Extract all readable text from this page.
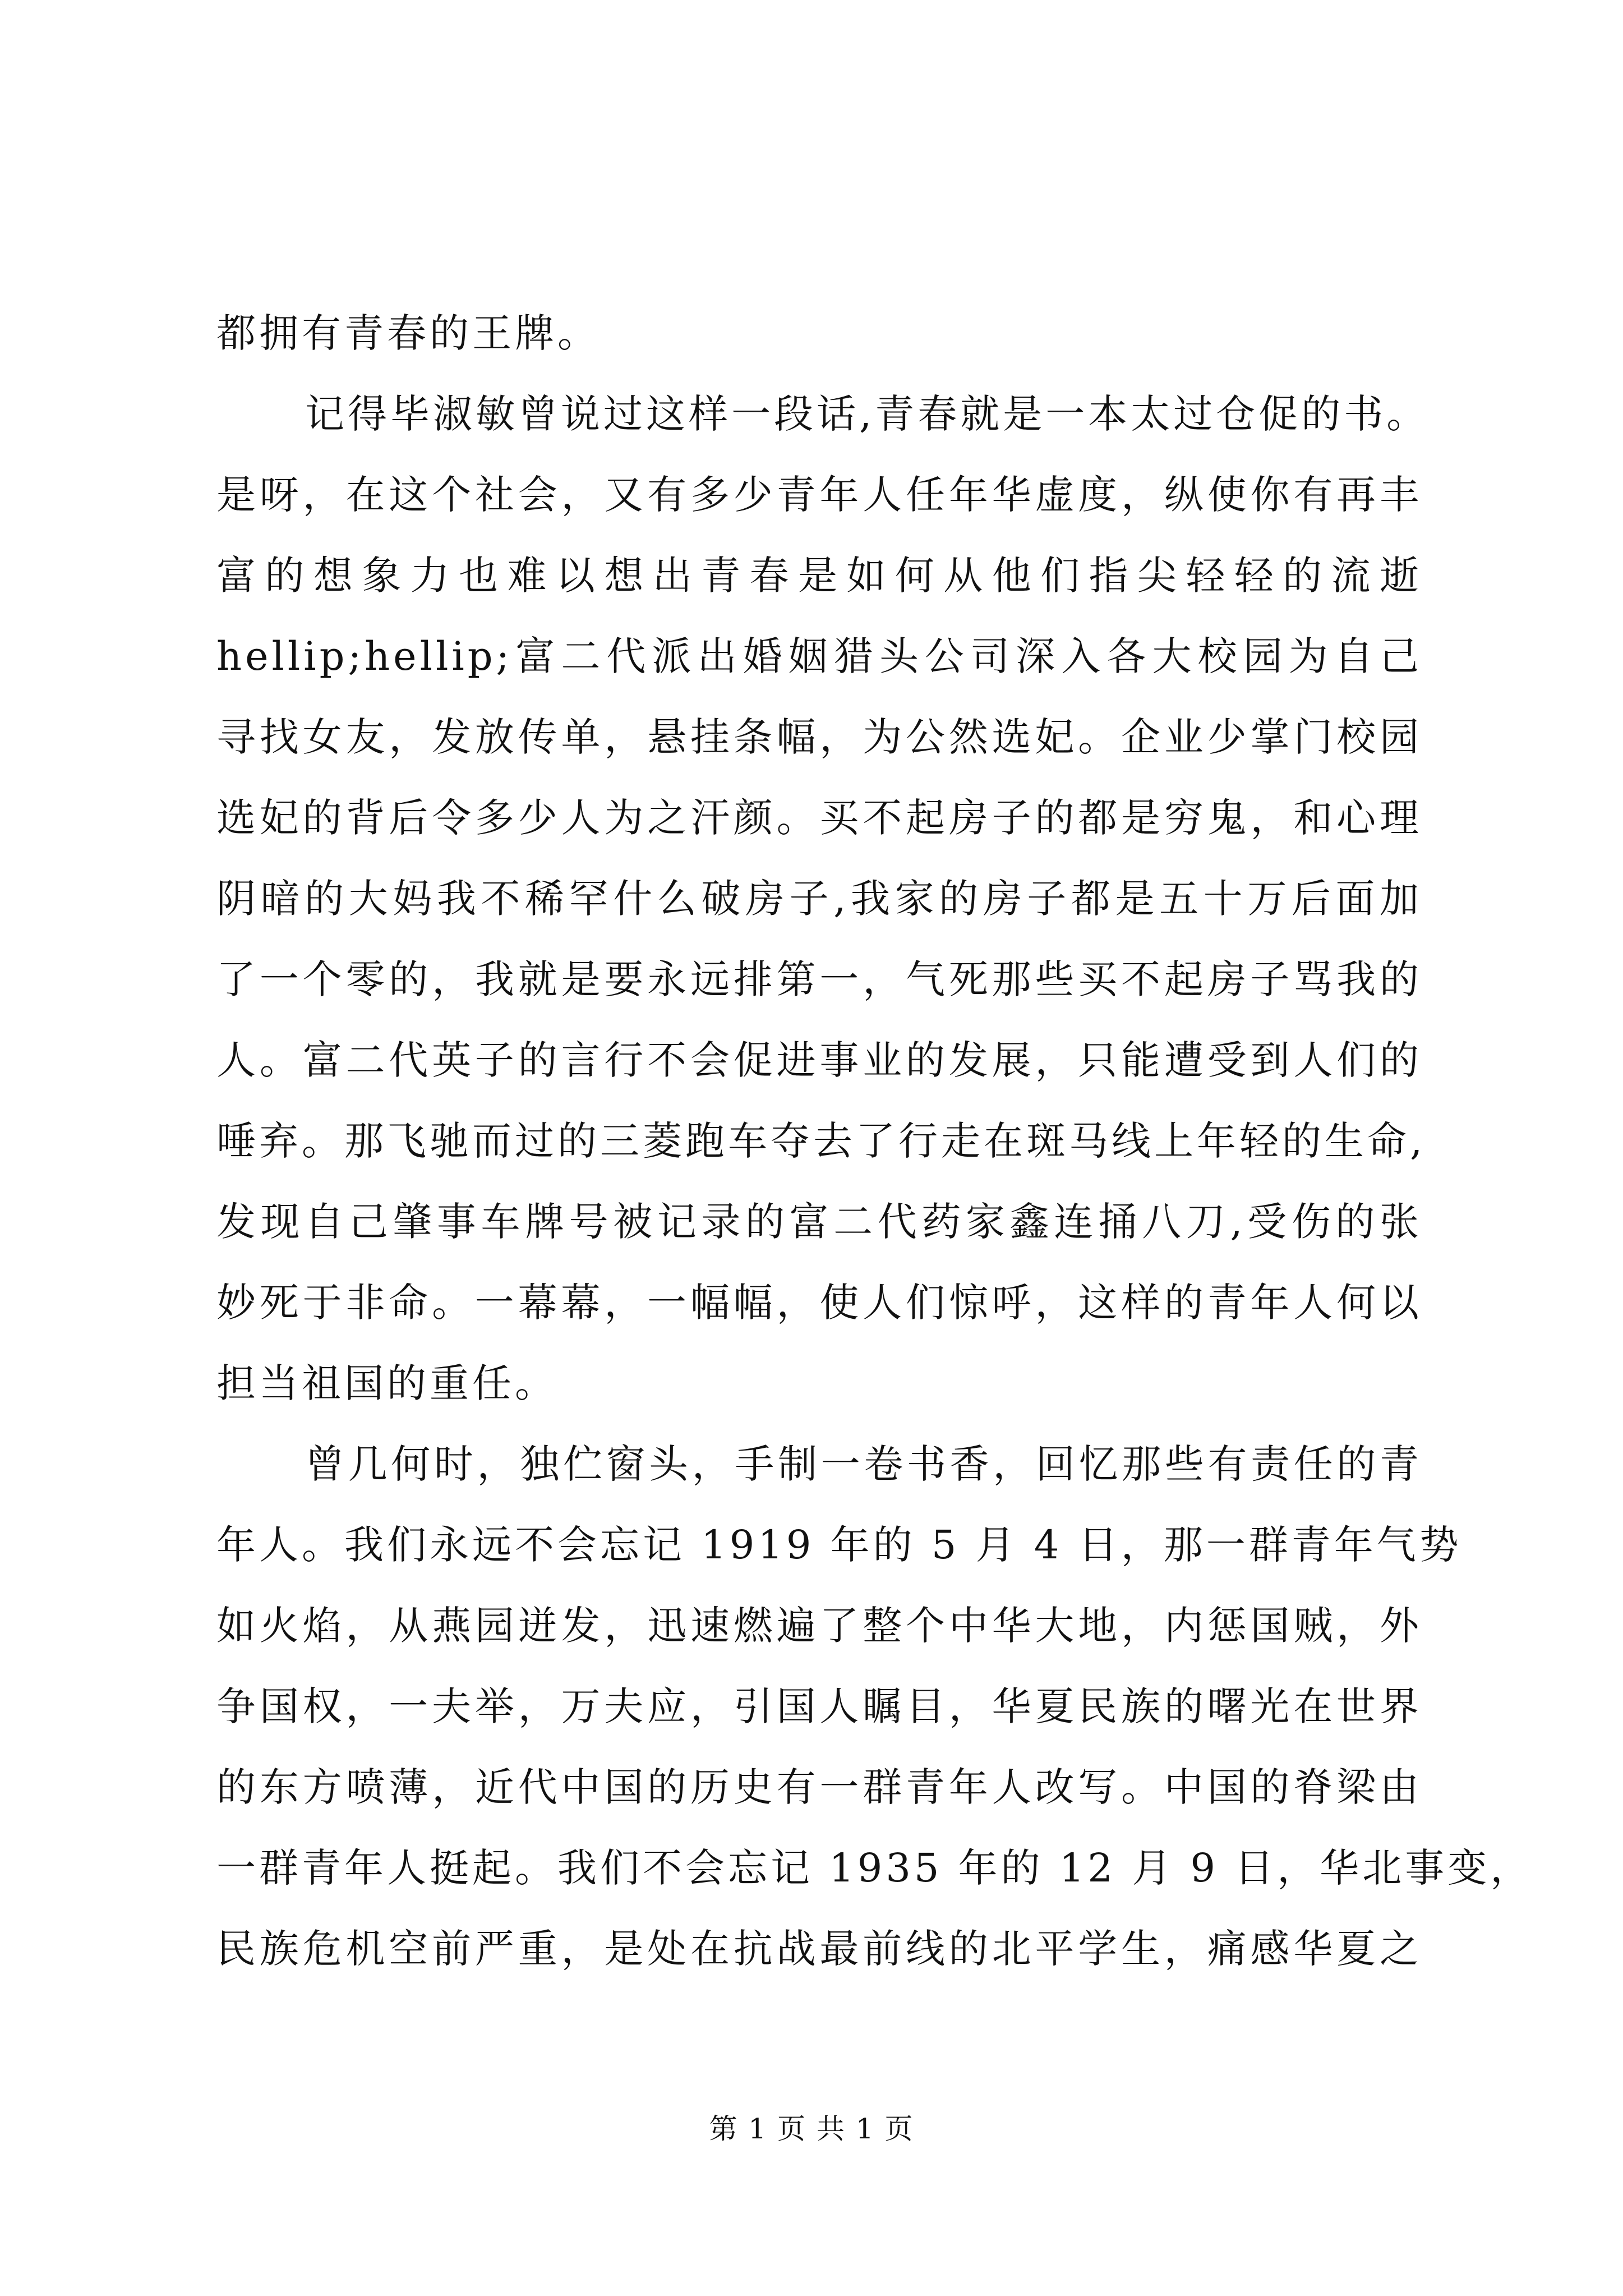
都拥有青春的王牌。

记得毕淑敏曾说过这样一段话,青春就是一本太过仓促的书。

是呀，在这个社会，又有多少青年人任年华虚度，纵使你有再丰

富的想象力也难以想出青春是如何从他们指尖轻轻的流逝

hellip;hellip;富二代派出婚姻猎头公司深入各大校园为自己

寻找女友，发放传单，悬挂条幅，为公然选妃。企业少掌门校园

选妃的背后令多少人为之汗颜。买不起房子的都是穷鬼，和心理

阴暗的大妈我不稀罕什么破房子,我家的房子都是五十万后面加

了一个零的，我就是要永远排第一，气死那些买不起房子骂我的

人。富二代英子的言行不会促进事业的发展，只能遭受到人们的

唾弃。那飞驰而过的三菱跑车夺去了行走在斑马线上年轻的生命,

发现自己肇事车牌号被记录的富二代药家鑫连捅八刀,受伤的张

妙死于非命。一幕幕，一幅幅，使人们惊呼，这样的青年人何以

担当祖国的重任。

曾几何时，独伫窗头，手制一卷书香，回忆那些有责任的青

年人。我们永远不会忘记 1919 年的 5 月 4 日，那一群青年气势

如火焰，从燕园迸发，迅速燃遍了整个中华大地，内惩国贼，外

争国权，一夫举，万夫应，引国人瞩目，华夏民族的曙光在世界

的东方喷薄，近代中国的历史有一群青年人改写。中国的脊梁由

一群青年人挺起。我们不会忘记 1935 年的 12 月 9 日，华北事变，

民族危机空前严重，是处在抗战最前线的北平学生，痛感华夏之

第 1 页 共 1 页
